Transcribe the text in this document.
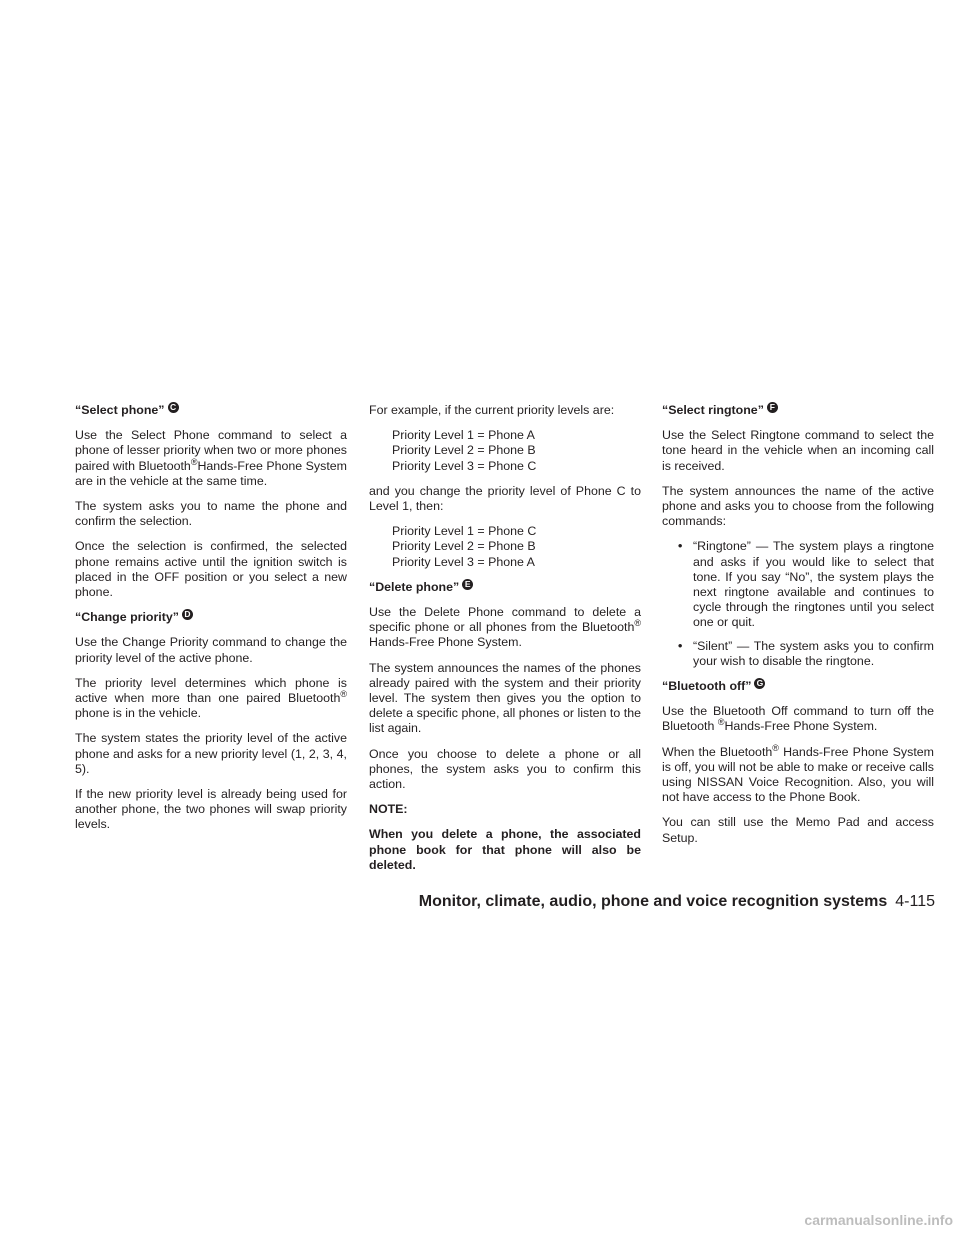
“Select phone” C
Use the Select Phone command to select a phone of lesser priority when two or more phones paired with Bluetooth®Hands-Free Phone System are in the vehicle at the same time.
The system asks you to name the phone and confirm the selection.
Once the selection is confirmed, the selected phone remains active until the ignition switch is placed in the OFF position or you select a new phone.
“Change priority” D
Use the Change Priority command to change the priority level of the active phone.
The priority level determines which phone is active when more than one paired Bluetooth® phone is in the vehicle.
The system states the priority level of the active phone and asks for a new priority level (1, 2, 3, 4, 5).
If the new priority level is already being used for another phone, the two phones will swap priority levels.
For example, if the current priority levels are:
Priority Level 1 = Phone A
Priority Level 2 = Phone B
Priority Level 3 = Phone C
and you change the priority level of Phone C to Level 1, then:
Priority Level 1 = Phone C
Priority Level 2 = Phone B
Priority Level 3 = Phone A
“Delete phone” E
Use the Delete Phone command to delete a specific phone or all phones from the Bluetooth® Hands-Free Phone System.
The system announces the names of the phones already paired with the system and their priority level. The system then gives you the option to delete a specific phone, all phones or listen to the list again.
Once you choose to delete a phone or all phones, the system asks you to confirm this action.
NOTE:
When you delete a phone, the associated phone book for that phone will also be deleted.
“Select ringtone” F
Use the Select Ringtone command to select the tone heard in the vehicle when an incoming call is received.
The system announces the name of the active phone and asks you to choose from the following commands:
• “Ringtone” — The system plays a ringtone and asks if you would like to select that tone. If you say “No”, the system plays the next ringtone available and continues to cycle through the ringtones until you select one or quit.
• “Silent” — The system asks you to confirm your wish to disable the ringtone.
“Bluetooth off” G
Use the Bluetooth Off command to turn off the Bluetooth ®Hands-Free Phone System.
When the Bluetooth® Hands-Free Phone System is off, you will not be able to make or receive calls using NISSAN Voice Recognition. Also, you will not have access to the Phone Book.
You can still use the Memo Pad and access Setup.
Monitor, climate, audio, phone and voice recognition systems 4-115
carmanualsonline.info
